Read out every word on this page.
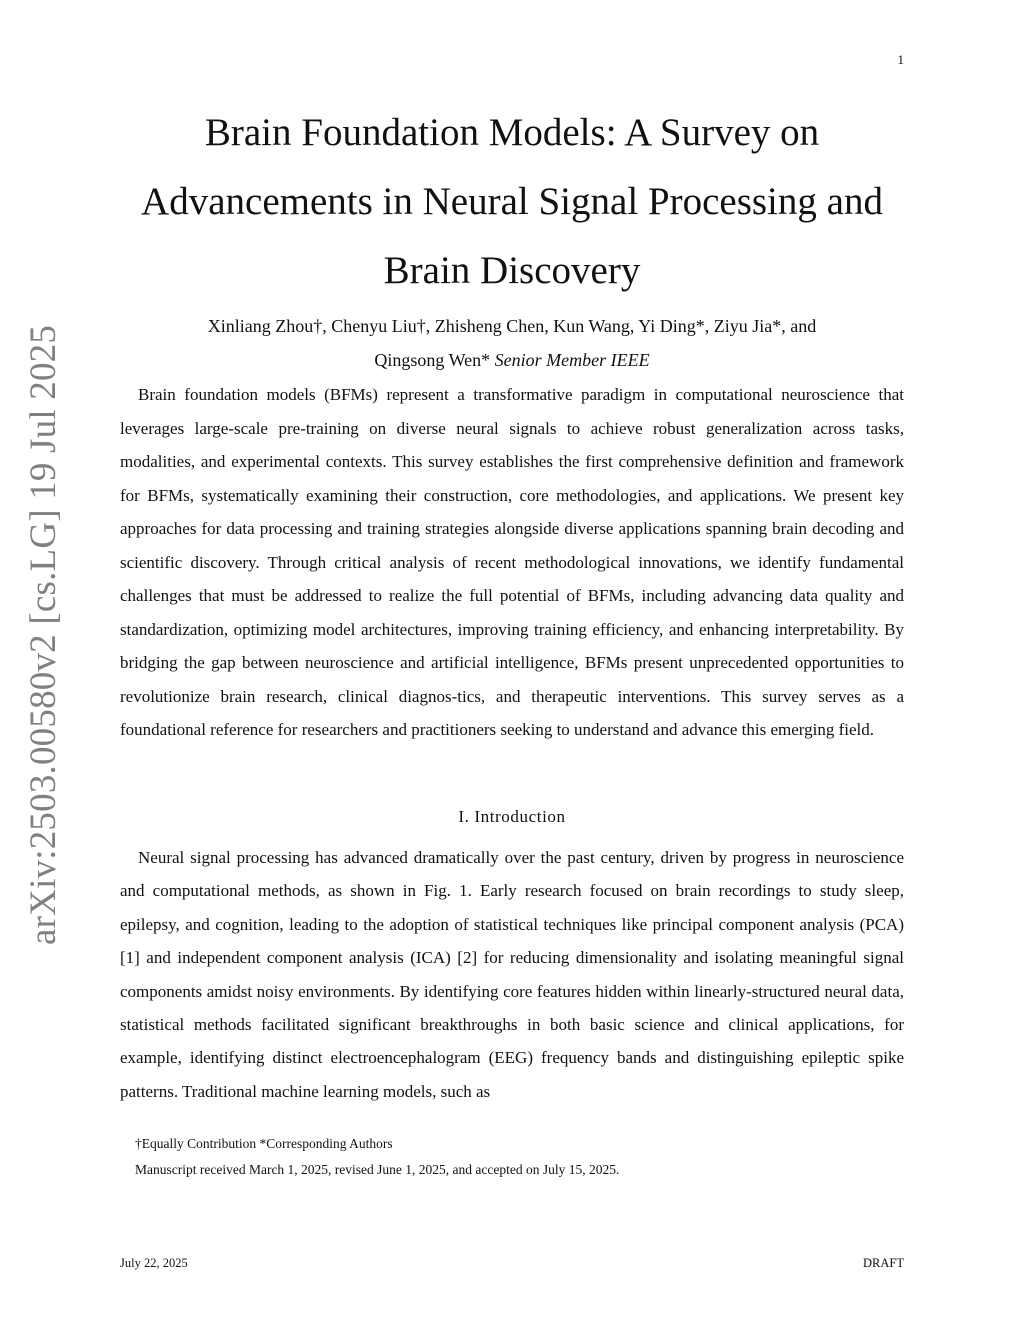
1
arXiv:2503.00580v2 [cs.LG] 19 Jul 2025
Brain Foundation Models: A Survey on
Advancements in Neural Signal Processing and
Brain Discovery
Xinliang Zhou†, Chenyu Liu†, Zhisheng Chen, Kun Wang, Yi Ding*, Ziyu Jia*, and
Qingsong Wen* Senior Member IEEE

Brain foundation models (BFMs) represent a transformative paradigm in computational neuroscience that leverages large-scale pre-training on diverse neural signals to achieve robust generalization across tasks, modalities, and experimental contexts. This survey establishes the first comprehensive definition and framework for BFMs, systematically examining their construction, core methodologies, and applications. We present key approaches for data processing and training strategies alongside diverse applications spanning brain decoding and scientific discovery. Through critical analysis of recent methodological innovations, we identify fundamental challenges that must be addressed to realize the full potential of BFMs, including advancing data quality and standardization, optimizing model architectures, improving training efficiency, and enhancing interpretability. By bridging the gap between neuroscience and artificial intelligence, BFMs present unprecedented opportunities to revolutionize brain research, clinical diagnos-tics, and therapeutic interventions. This survey serves as a foundational reference for researchers and practitioners seeking to understand and advance this emerging field.

I. Introduction

Neural signal processing has advanced dramatically over the past century, driven by progress in neuroscience and computational methods, as shown in Fig. 1. Early research focused on brain recordings to study sleep, epilepsy, and cognition, leading to the adoption of statistical techniques like principal component analysis (PCA) [1] and independent component analysis (ICA) [2] for reducing dimensionality and isolating meaningful signal components amidst noisy environments. By identifying core features hidden within linearly-structured neural data, statistical methods facilitated significant breakthroughs in both basic science and clinical applications, for example, identifying distinct electroencephalogram (EEG) frequency bands and distinguishing epileptic spike patterns. Traditional machine learning models, such as

†Equally Contribution *Corresponding Authors
Manuscript received March 1, 2025, revised June 1, 2025, and accepted on July 15, 2025.
July 22, 2025	DRAFT
